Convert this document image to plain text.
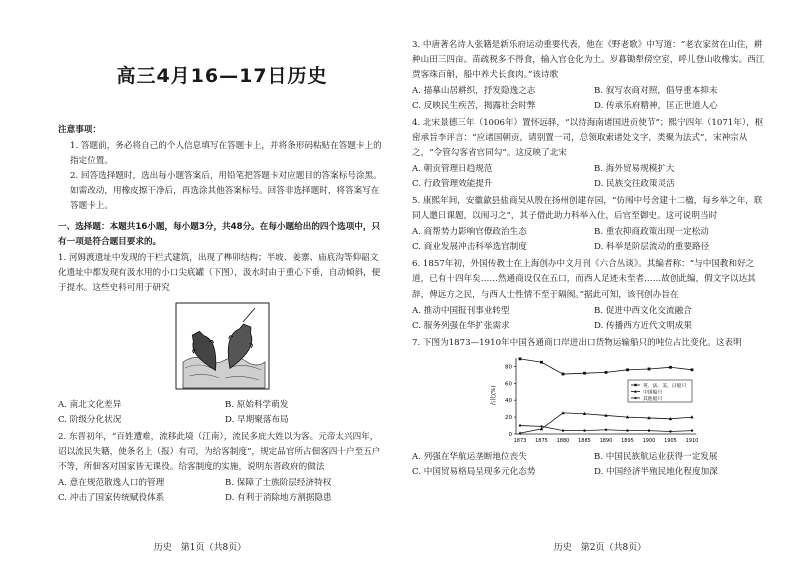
高三4月16—17日历史
注意事项：

1. 答题前，务必将自己的个人信息填写在答题卡上，并将条形码粘贴在答题卡上的指定位置。

2. 回答选择题时，选出每小题答案后，用铅笔把答题卡对应题目的答案标号涂黑。如需改动，用橡皮擦干净后，再选涂其他答案标号。回答非选择题时，将答案写在答题卡上。

一、选择题：本题共16小题，每小题3分，共48分。在每小题给出的四个选项中，只有一项是符合题目要求的。

1. 河姆渡遗址中发现的干栏式建筑，出现了榫卯结构；半坡、姜寨、庙底沟等仰韶文化遗址中都发现有汲水用的小口尖底罐（下图），汲水时由于重心下垂，自动倾斜，便于提水。这些史料可用于研究

A. 南北文化差异	B. 原始科学萌发
C. 阶级分化状况	D. 早期聚落布局

2. 东晋初年，“百姓遭难，流移此境（江南），流民多庇大姓以为客。元帝太兴四年，诏以流民失籍，使条名上（报）有司，为给客制度”，规定品官所占佃客四十户至五户不等，所佃客对国家皆无课役。给客制度的实施，说明东晋政府的做法

A. 意在规范散逸人口的管理	B. 保障了士族阶层经济特权
C. 冲击了国家传统赋役体系	D. 有利于消除地方割据隐患
历史　第1页（共8页）

3. 中唐著名诗人张籍是新乐府运动重要代表，他在《野老歌》中写道：“老农家贫在山住，耕种山田三四亩。苗疏税多不得食，输入官仓化为土。岁暮锄犁傍空室，呼儿登山收橡实。西江贾客珠百斛，船中养犬长食肉。”该诗歌

A. 描摹山居耕织，抒发隐逸之志	B. 叙写农商对照，倡导重本抑末
C. 反映民生疾苦，揭露社会时弊	D. 传承乐府精神，匡正世道人心

4. 北宋景德三年（1006年）置怀远驿，“以待海南诸国进贡使节”；熙宁四年（1071年），枢密承旨李评言：“应诸国朝贡，请别置一司，总领取索诸处文字，类聚为法式”，宋神宗从之，“令管勾客省官同勾”。这反映了北宋

A. 朝贡管理日趋规范	B. 海外贸易规模扩大
C. 行政管理效能提升	D. 民族交往政策灵活

5. 康熙年间，安徽歙县盐商吴从殷在扬州创建存园，“仿闱中号舍建十二楹，每乡举之年，联同人邀日课题，以闱习之”，其子借此助力科举入仕，后官至御史。这可说明当时

A. 商帮势力影响官僚政治生态	B. 重农抑商政策出现一定松动
C. 商业发展冲击科举选官制度	D. 科举是阶层流动的重要路径

6. 1857年初，外国传教士在上海创办中文月刊《六合丛谈》。其编者称：“与中国教和好之道，已有十四年矣……然通商设仅在五口，而西人足迹未至者……故创此编，假文字以达其辞，俾远方之民，与西人士性情不至于隔阂。”据此可知，该刊创办旨在

A. 推动中国报刊事业转型	B. 促进中西文化交流融合
C. 服务列强在华扩张需求	D. 传播西方近代文明成果

7. 下图为1873—1910年中国各通商口岸进出口货物运输船只的吨位占比变化。这表明

占比(%)
0
20
40
60
80
1873 1875 1880 1885 1890 1895 1900 1905 1910
英、法、美、日船只
中国船只
其他船只
A. 列强在华航运垄断地位丧失	B. 中国民族航运业获得一定发展
C. 中国贸易格局呈现多元化态势	D. 中国经济半殖民地化程度加深
历史　第2页（共8页）
